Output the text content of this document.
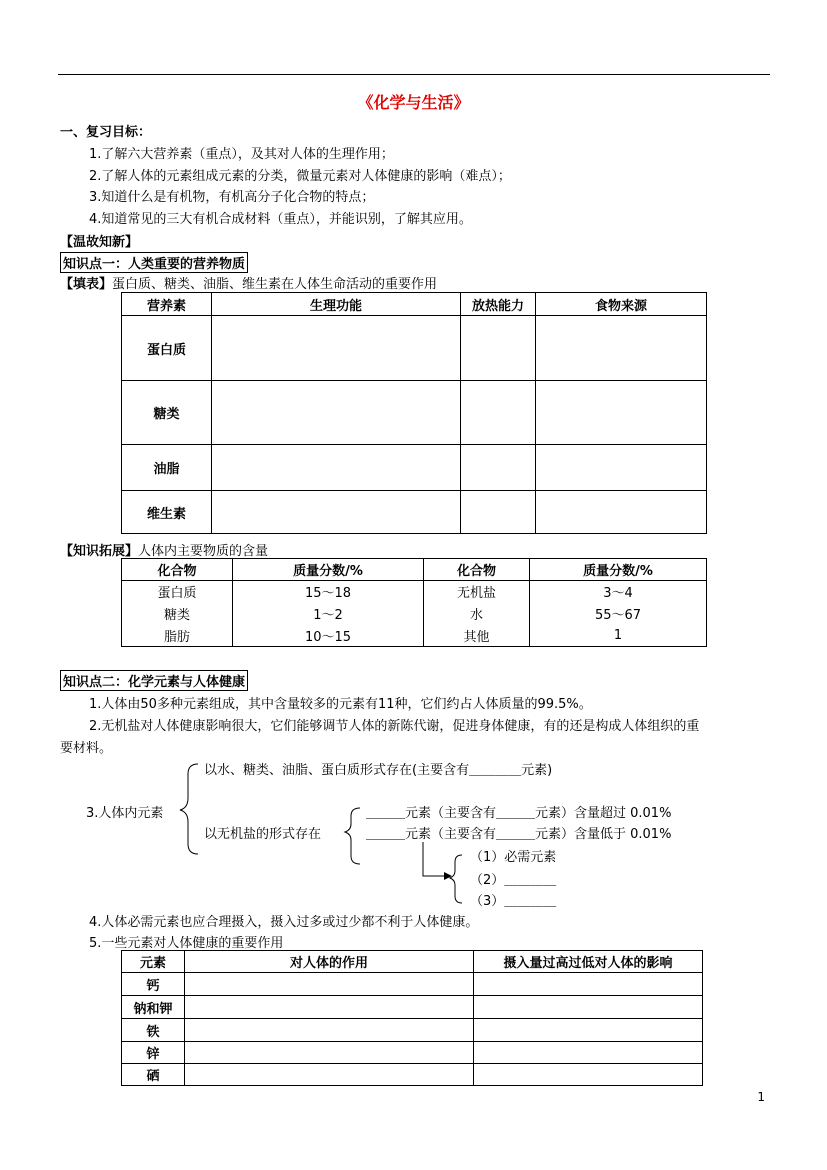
《化学与生活》
一、复习目标：
1.了解六大营养素（重点），及其对人体的生理作用；
2.了解人体的元素组成元素的分类，微量元素对人体健康的影响（难点）；
3.知道什么是有机物，有机高分子化合物的特点；
4.知道常见的三大有机合成材料（重点），并能识别，了解其应用。
【温故知新】
知识点一：人类重要的营养物质
【填表】蛋白质、糖类、油脂、维生素在人体生命活动的重要作用
营养素	生理功能	放热能力	食物来源
蛋白质			
糖类			
油脂			
维生素			
【知识拓展】人体内主要物质的含量
化合物	质量分数/%	化合物	质量分数/%
蛋白质	15～18	无机盐	3～4
糖类	1～2	水	55～67
脂肪	10～15	其他	1
知识点二：化学元素与人体健康
1.人体由50多种元素组成，其中含量较多的元素有11种，它们约占人体质量的99.5%。
2.无机盐对人体健康影响很大，它们能够调节人体的新陈代谢，促进身体健康，有的还是构成人体组织的重
要材料。
以水、糖类、油脂、蛋白质形式存在(主要含有＿＿＿＿元素)
3.人体内元素
以无机盐的形式存在
＿＿＿元素（主要含有＿＿＿元素）含量超过 0.01%
＿＿＿元素（主要含有＿＿＿元素）含量低于 0.01%
（1）必需元素
（2）＿＿＿＿
（3）＿＿＿＿
4.人体必需元素也应合理摄入，摄入过多或过少都不利于人体健康。
5.一些元素对人体健康的重要作用
元素	对人体的作用	摄入量过高过低对人体的影响
钙		
钠和钾		
铁		
锌		
硒		
1
